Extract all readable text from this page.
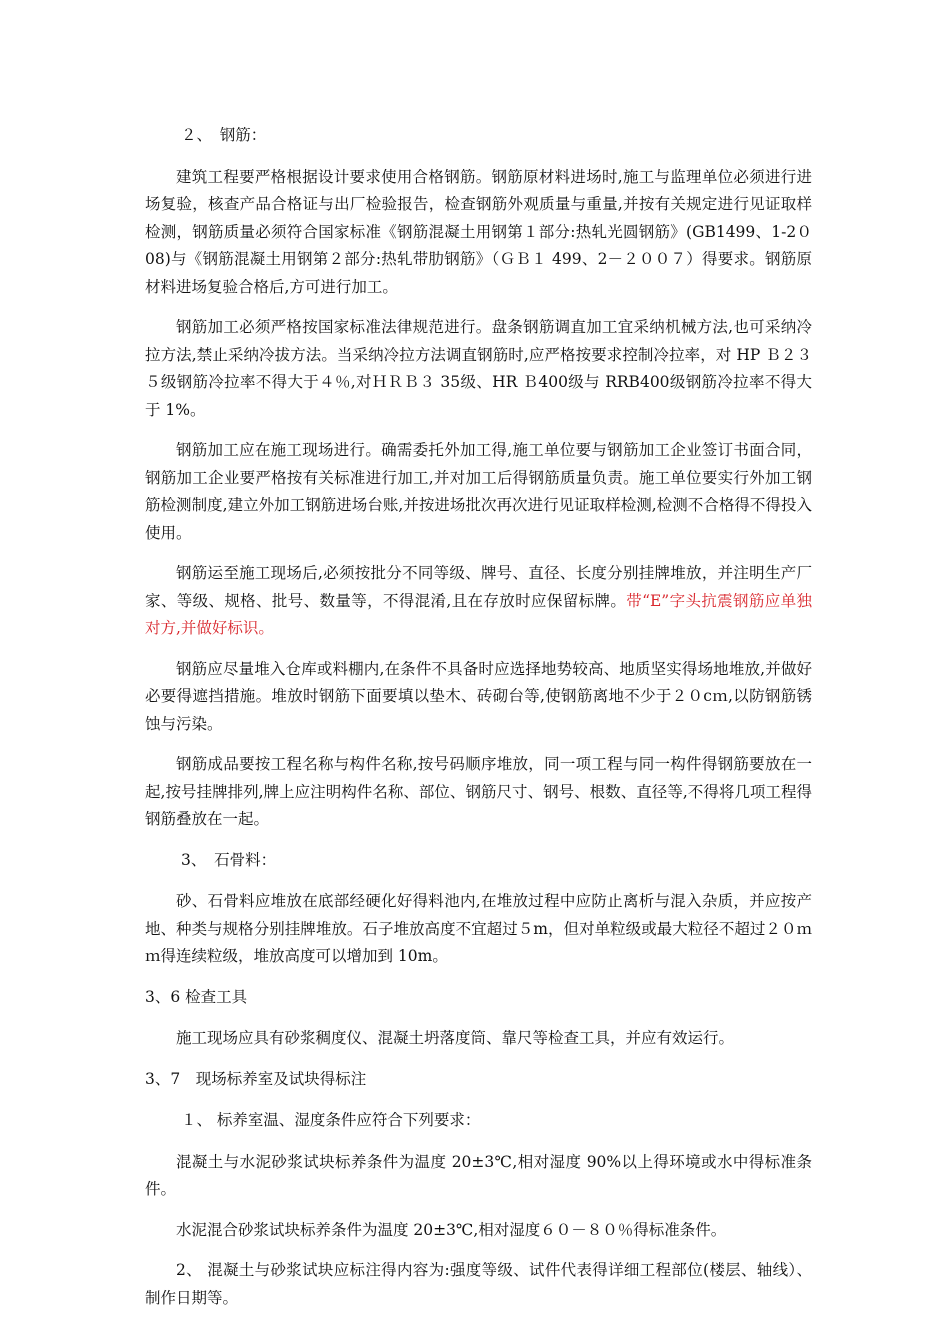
２、　钢筋：

建筑工程要严格根据设计要求使用合格钢筋。钢筋原材料进场时,施工与监理单位必须进行进场复验，核查产品合格证与出厂检验报告，检查钢筋外观质量与重量,并按有关规定进行见证取样检测，钢筋质量必须符合国家标准《钢筋混凝土用钢第１部分:热轧光圆钢筋》(GB1499、1-2０08)与《钢筋混凝土用钢第２部分:热轧带肋钢筋》（ＧＢ１ 499、2－２００７）得要求。钢筋原材料进场复验合格后,方可进行加工。

钢筋加工必须严格按国家标准法律规范进行。盘条钢筋调直加工宜采纳机械方法,也可采纳冷拉方法,禁止采纳冷拔方法。当采纳冷拉方法调直钢筋时,应严格按要求控制冷拉率，对 HP Ｂ２３５级钢筋冷拉率不得大于４％,对ＨＲＢ３ 35级、HR Ｂ400级与 RRB400级钢筋冷拉率不得大于 1%。

钢筋加工应在施工现场进行。确需委托外加工得,施工单位要与钢筋加工企业签订书面合同，钢筋加工企业要严格按有关标准进行加工,并对加工后得钢筋质量负责。施工单位要实行外加工钢筋检测制度,建立外加工钢筋进场台账,并按进场批次再次进行见证取样检测,检测不合格得不得投入使用。

钢筋运至施工现场后,必须按批分不同等级、牌号、直径、长度分别挂牌堆放，并注明生产厂家、等级、规格、批号、数量等，不得混淆,且在存放时应保留标牌。带“E”字头抗震钢筋应单独对方,并做好标识。

钢筋应尽量堆入仓库或料棚内,在条件不具备时应选择地势较高、地质坚实得场地堆放,并做好必要得遮挡措施。堆放时钢筋下面要填以垫木、砖砌台等,使钢筋离地不少于２０cｍ,以防钢筋锈蚀与污染。

钢筋成品要按工程名称与构件名称,按号码顺序堆放，同一项工程与同一构件得钢筋要放在一起,按号挂牌排列,牌上应注明构件名称、部位、钢筋尺寸、钢号、根数、直径等,不得将几项工程得钢筋叠放在一起。

3、　石骨料：

砂、石骨料应堆放在底部经硬化好得料池内,在堆放过程中应防止离析与混入杂质，并应按产地、种类与规格分别挂牌堆放。石子堆放高度不宜超过５m，但对单粒级或最大粒径不超过２０ｍｍ得连续粒级，堆放高度可以增加到 10m。

3、6 检查工具

施工现场应具有砂浆稠度仪、混凝土坍落度筒、靠尺等检查工具，并应有效运行。

3、7　现场标养室及试块得标注

１、 标养室温、湿度条件应符合下列要求：

混凝土与水泥砂浆试块标养条件为温度 20±3℃,相对湿度 90%以上得环境或水中得标准条件。

水泥混合砂浆试块标养条件为温度 20±3℃,相对湿度６０－８０％得标准条件。

2、 混凝土与砂浆试块应标注得内容为:强度等级、试件代表得详细工程部位(楼层、轴线）、制作日期等。
